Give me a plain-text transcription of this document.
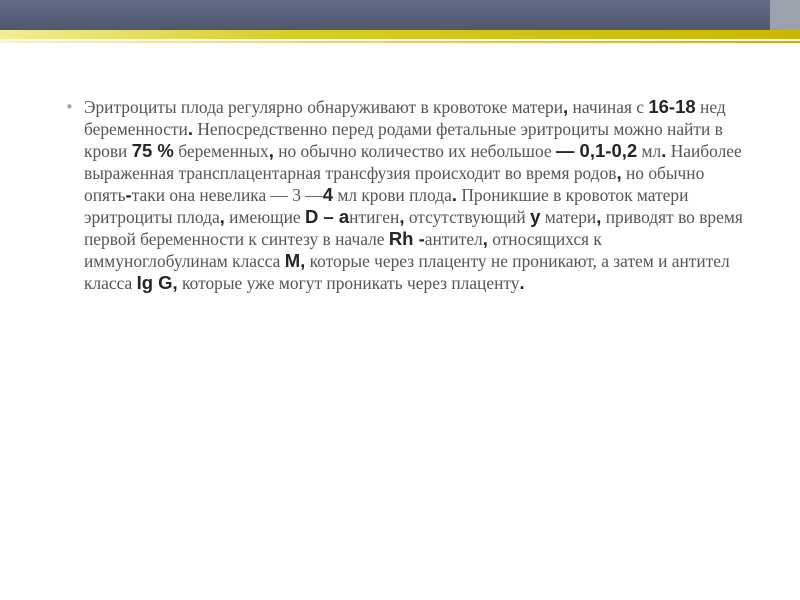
• Эритроциты плода регулярно обнаруживают в кровотоке матери, начиная с 16-18 нед беременности. Непосредственно перед родами фетальные эритроциты можно найти в крови 75 % беременных, но обычно количество их небольшое — 0,1-0,2 мл. Наиболее выраженная трансплацентарная трансфузия происходит во время родов, но обычно опять-таки она невелика — 3 —4 мл крови плода. Проникшие в кровоток матери эритроциты плода, имеющие D – антиген, отсутствующий у матери, приводят во время первой беременности к синтезу в начале Rh -антител, относящихся к иммуноглобулинам класса M, которые через плаценту не проникают, а затем и антител класса Ig G, которые уже могут проникать через плаценту.
